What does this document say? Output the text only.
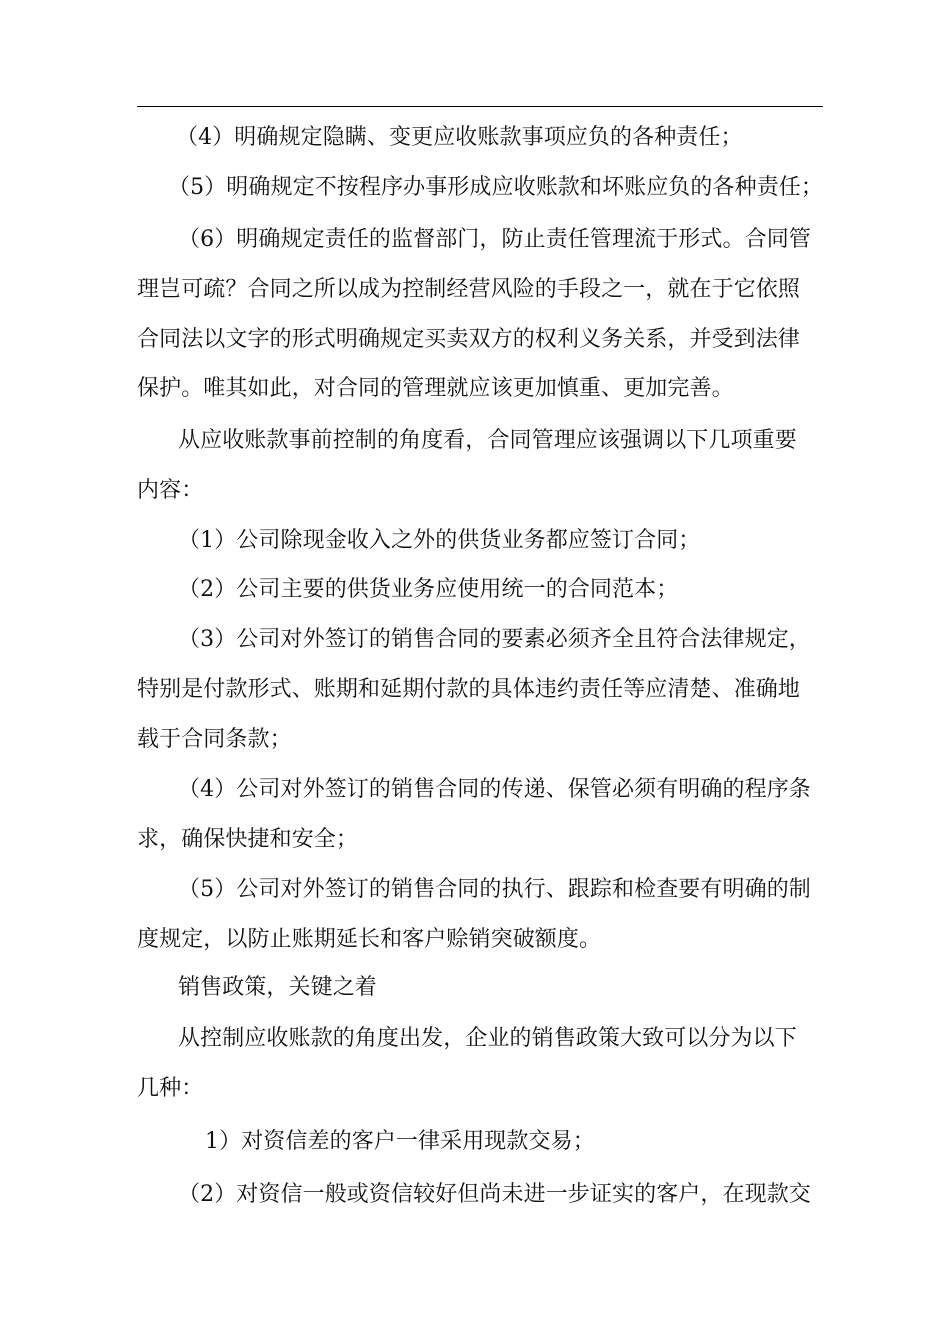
（4）明确规定隐瞒、变更应收账款事项应负的各种责任；
（5）明确规定不按程序办事形成应收账款和坏账应负的各种责任；
（6）明确规定责任的监督部门，防止责任管理流于形式。合同管
理岂可疏？合同之所以成为控制经营风险的手段之一，就在于它依照
合同法以文字的形式明确规定买卖双方的权利义务关系，并受到法律
保护。唯其如此，对合同的管理就应该更加慎重、更加完善。
从应收账款事前控制的角度看，合同管理应该强调以下几项重要
内容：
（1）公司除现金收入之外的供货业务都应签订合同；
（2）公司主要的供货业务应使用统一的合同范本；
（3）公司对外签订的销售合同的要素必须齐全且符合法律规定，
特别是付款形式、账期和延期付款的具体违约责任等应清楚、准确地
载于合同条款；
（4）公司对外签订的销售合同的传递、保管必须有明确的程序条
求，确保快捷和安全；
（5）公司对外签订的销售合同的执行、跟踪和检查要有明确的制
度规定，以防止账期延长和客户赊销突破额度。
销售政策，关键之着
从控制应收账款的角度出发，企业的销售政策大致可以分为以下
几种：
1）对资信差的客户一律采用现款交易；
（2）对资信一般或资信较好但尚未进一步证实的客户，在现款交
